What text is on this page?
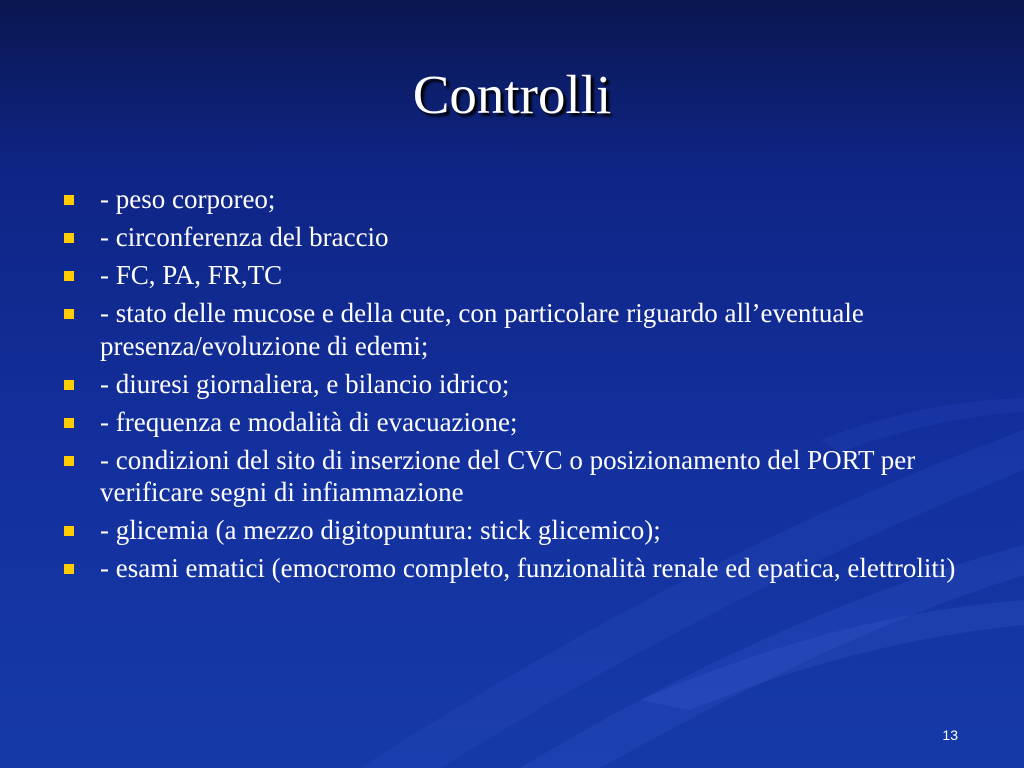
Controlli
- peso corporeo;
- circonferenza del braccio
- FC, PA, FR,TC
- stato delle mucose e della cute, con particolare riguardo all’eventuale presenza/evoluzione di edemi;
- diuresi giornaliera, e bilancio idrico;
- frequenza e modalità di evacuazione;
- condizioni del sito di inserzione del CVC o posizionamento del PORT per verificare segni di infiammazione
- glicemia (a mezzo digitopuntura: stick glicemico);
- esami ematici (emocromo completo, funzionalità renale ed epatica, elettroliti)
13
